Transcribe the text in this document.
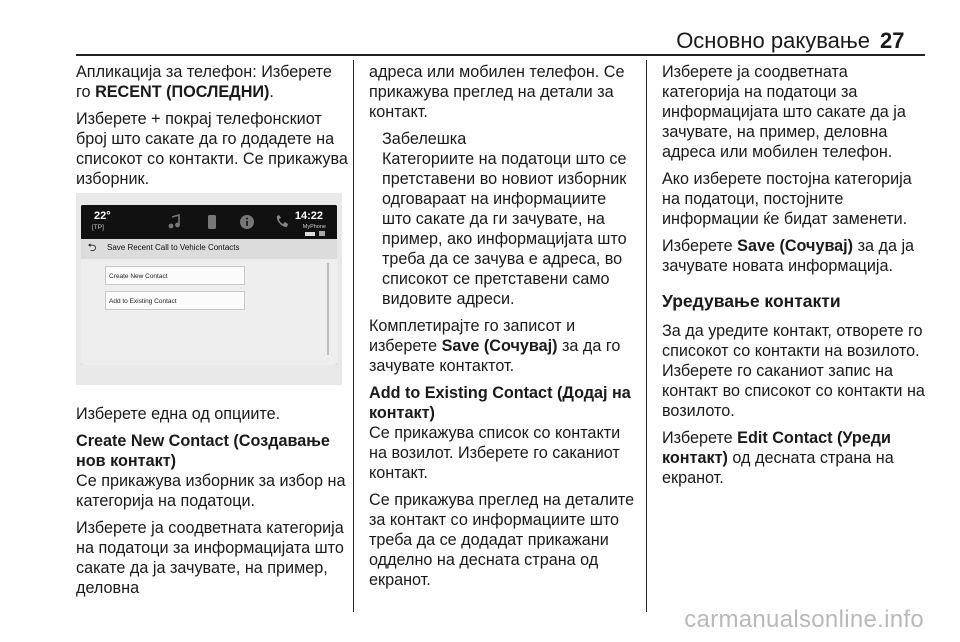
Основно ракување 27

Апликација за телефон: Изберете го RECENT (ПОСЛЕДНИ).

Изберете + покрај телефонскиот број што сакате да го додадете на списокот со контакти. Се прикажува изборник.

22°
[TP]
14:22
MyPhone
⮌	Save Recent Call to Vehicle Contacts
Create New Contact
Add to Existing Contact

Изберете една од опциите.

Create New Contact (Создавање нов контакт)

Се прикажува изборник за избор на категорија на податоци.

Изберете ја соодветната категорија на податоци за информацијата што сакате да ја зачувате, на пример, деловна

адреса или мобилен телефон. Се прикажува преглед на детали за контакт.

Забелешка

Категориите на податоци што се претставени во новиот изборник одговараат на информациите што сакате да ги зачувате, на пример, ако информацијата што треба да се зачува е адреса, во списокот се претставени само видовите адреси.

Комплетирајте го записот и изберете Save (Сочувај) за да го зачувате контактот.

Add to Existing Contact (Додај на контакт)

Се прикажува список со контакти на возилот. Изберете го саканиот контакт.

Се прикажува преглед на деталите за контакт со информациите што треба да се додадат прикажани одделно на десната страна од екранот.

Изберете ја соодветната категорија на податоци за информацијата што сакате да ја зачувате, на пример, деловна адреса или мобилен телефон.

Ако изберете постојна категорија на податоци, постојните информации ќе бидат заменети.

Изберете Save (Сочувај) за да ја зачувате новата информација.

Уредување контакти

За да уредите контакт, отворете го списокот со контакти на возилото. Изберете го саканиот запис на контакт во списокот со контакти на возилото.

Изберете Edit Contact (Уреди контакт) од десната страна на екранот.

carmanualsonline.info
